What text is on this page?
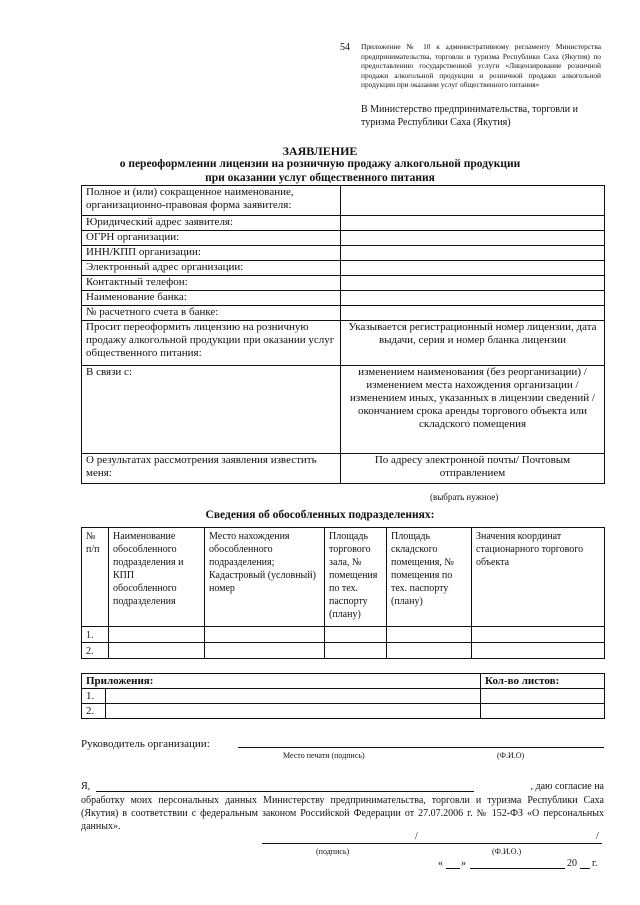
54 Приложение № 10 к административному регламенту Министерства предпринимательства, торговли и туризма Республики Саха (Якутия) по предоставлению государственной услуги «Лицензирование розничной продажи алкогольной продукции и розничной продажи алкогольной продукции при оказании услуг общественного питания»
В Министерство предпринимательства, торговли и туризма Республики Саха (Якутия)
ЗАЯВЛЕНИЕ
о переоформлении лицензии на розничную продажу алкогольной продукции
при оказании услуг общественного питания
Полное и (или) сокращенное наименование, организационно-правовая форма заявителя:	
Юридический адрес заявителя:	
ОГРН организации:	
ИНН/КПП организации:	
Электронный адрес организации:	
Контактный телефон:	
Наименование банка:	
№ расчетного счета в банке:	
Просит переоформить лицензию на розничную продажу алкогольной продукции при оказании услуг общественного питания:	Указывается регистрационный номер лицензии, дата выдачи, серия и номер бланка лицензии
В связи с:	изменением наименования (без реорганизации) / изменением места нахождения организации / изменением иных, указанных в лицензии сведений / окончанием срока аренды торгового объекта или складского помещения
О результатах рассмотрения заявления известить меня:	По адресу электронной почты/ Почтовым отправлением
(выбрать нужное)
Сведения об обособленных подразделениях:
№ п/п	Наименование обособленного подразделения и КПП обособленного подразделения	Место нахождения обособленного подразделения; Кадастровый (условный) номер	Площадь торгового зала, № помещения по тех. паспорту (плану)	Площадь складского помещения, № помещения по тех. паспорту (плану)	Значения координат стационарного торгового объекта
1.					
2.					
Приложения:		Кол-во листов:
1.		
2.		
Руководитель организации:
Место печати (подпись)	(Ф.И.О)
Я,	, даю согласие на
обработку моих персональных данных Министерству предпринимательства, торговли и туризма Республики Саха (Якутия) в соответствии с федеральным законом Российской Федерации от 27.07.2006 г. № 152-ФЗ «О персональных данных».
/	/
(подпись)	(Ф.И.О.)
« »	20 г.
